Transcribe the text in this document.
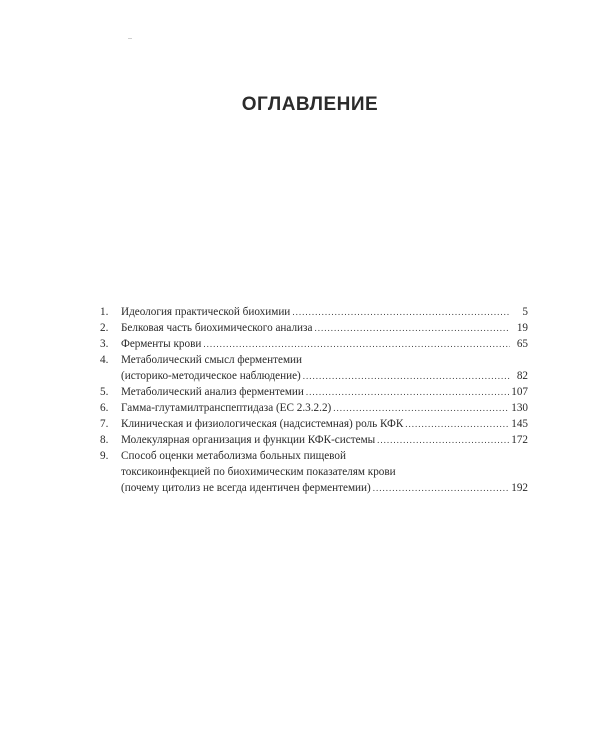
ОГЛАВЛЕНИЕ
1.	Идеология практической биохимии .....	5
2.	Белковая часть биохимического анализа .....	19
3.	Ферменты крови .....	65
4.	Метаболический смысл ферментемии
(историко-методическое наблюдение) .....	82
5.	Метаболический анализ ферментемии .....	107
6.	Гамма-глутамилтранспептидаза (ЕС 2.3.2.2) .....	130
7.	Клиническая и физиологическая (надсистемная) роль КФК .....	145
8.	Молекулярная организация и функции КФК-системы .....	172
9.	Способ оценки метаболизма больных пищевой
токсикоинфекцией по биохимическим показателям крови
(почему цитолиз не всегда идентичен ферментемии) .....	192
